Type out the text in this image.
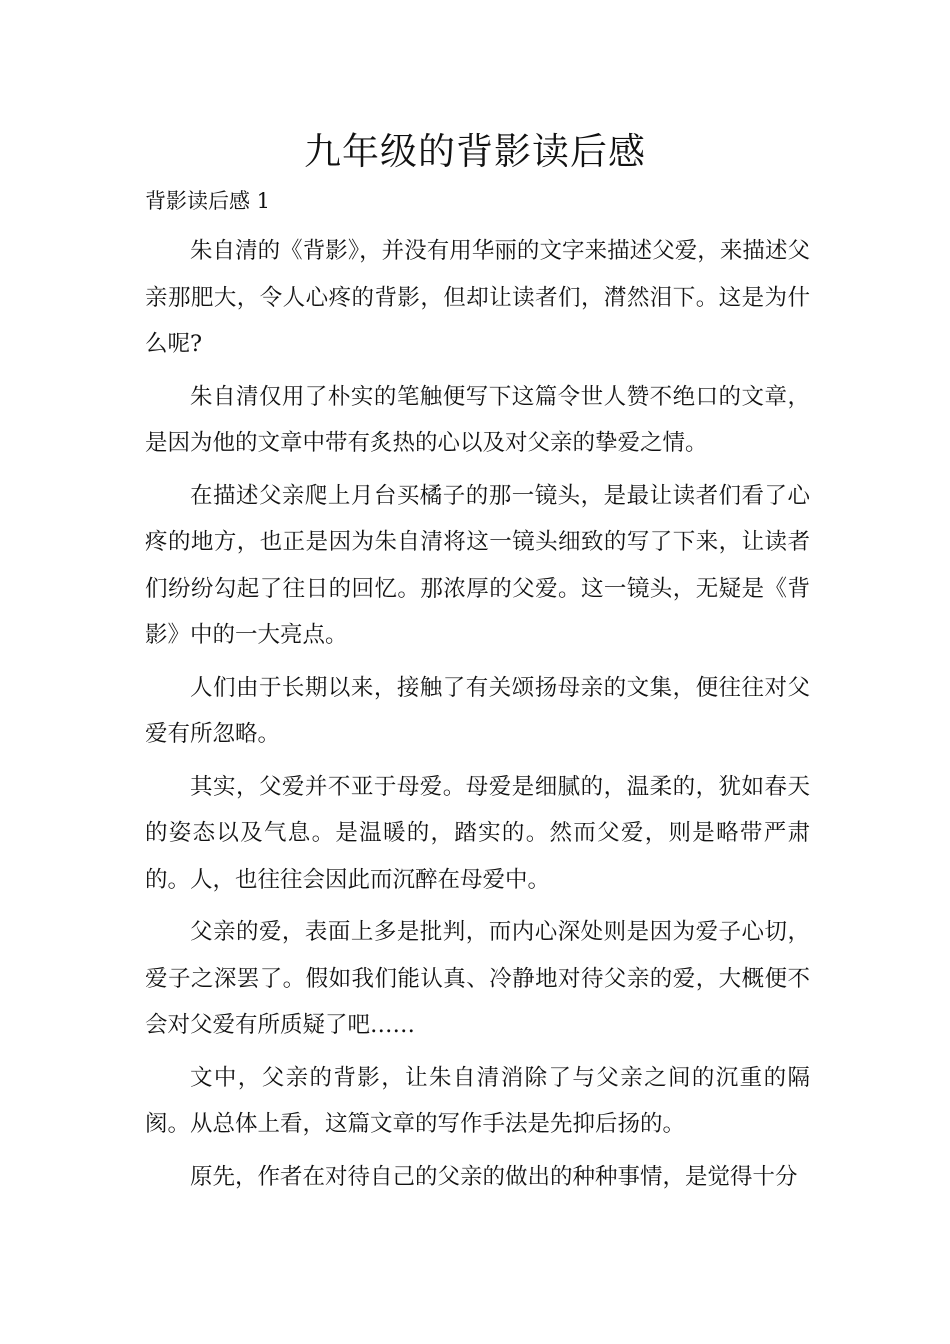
九年级的背影读后感

背影读后感 1

朱自清的《背影》，并没有用华丽的文字来描述父爱，来描述父亲那肥大，令人心疼的背影，但却让读者们，潸然泪下。这是为什么呢?

朱自清仅用了朴实的笔触便写下这篇令世人赞不绝口的文章，是因为他的文章中带有炙热的心以及对父亲的挚爱之情。

在描述父亲爬上月台买橘子的那一镜头，是最让读者们看了心疼的地方，也正是因为朱自清将这一镜头细致的写了下来，让读者们纷纷勾起了往日的回忆。那浓厚的父爱。这一镜头，无疑是《背影》中的一大亮点。

人们由于长期以来，接触了有关颂扬母亲的文集，便往往对父爱有所忽略。

其实，父爱并不亚于母爱。母爱是细腻的，温柔的，犹如春天的姿态以及气息。是温暖的，踏实的。然而父爱，则是略带严肃的。人，也往往会因此而沉醉在母爱中。

父亲的爱，表面上多是批判，而内心深处则是因为爱子心切，爱子之深罢了。假如我们能认真、冷静地对待父亲的爱，大概便不会对父爱有所质疑了吧……

文中，父亲的背影，让朱自清消除了与父亲之间的沉重的隔阂。从总体上看，这篇文章的写作手法是先抑后扬的。

原先，作者在对待自己的父亲的做出的种种事情，是觉得十分
